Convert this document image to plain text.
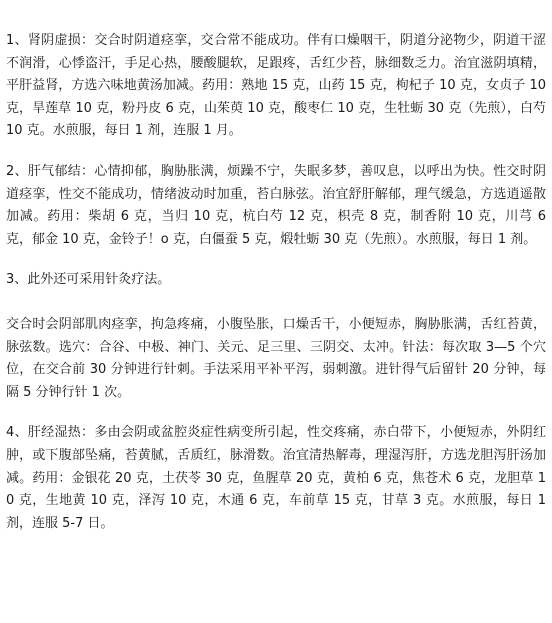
1、肾阴虚损：交合时阴道痉挛，交合常不能成功。伴有口燥咽干，阴道分泌物少，阴道干涩不润滑，心悸盗汗，手足心热，腰酸腿软，足跟疼，舌红少苔，脉细数乏力。治宜滋阴填精，平肝益肾，方选六味地黄汤加减。药用：熟地 15 克，山药 15 克，枸杞子 10 克，女贞子 10 克，旱莲草 10 克，粉丹皮 6 克，山茱萸 10 克，酸枣仁 10 克，生牡蛎 30 克（先煎），白芍 10 克。水煎服，每日 1 剂，连服 1 月。

2、肝气郁结：心情抑郁，胸胁胀满，烦躁不宁，失眠多梦，善叹息，以呼出为快。性交时阴道痉挛，性交不能成功，情绪波动时加重，苔白脉弦。治宜舒肝解郁，理气缓急，方选逍遥散加减。药用：柴胡 6 克，当归 10 克，杭白芍 12 克，枳壳 8 克，制香附 10 克，川芎 6 克，郁金 10 克，金铃子！o 克，白僵蚕 5 克，煅牡蛎 30 克（先煎）。水煎服，每日 1 剂。

3、此外还可采用针灸疗法。

交合时会阴部肌肉痉挛，拘急疼痛，小腹坠胀，口燥舌干，小便短赤，胸胁胀满，舌红苔黄，脉弦数。选穴：合谷、中极、神门、关元、足三里、三阴交、太冲。针法：每次取 3—5 个穴位，在交合前 30 分钟进行针刺。手法采用平补平泻，弱刺激。进针得气后留针 20 分钟，每隔 5 分钟行针 1 次。

4、肝经湿热：多由会阴或盆腔炎症性病变所引起，性交疼痛，赤白带下，小便短赤，外阴红肿，或下腹部坠痛，苔黄腻，舌质红，脉滑数。治宜清热解毒，理湿泻肝，方选龙胆泻肝汤加减。药用：金银花 20 克，土茯苓 30 克，鱼腥草 20 克，黄柏 6 克，焦苍术 6 克，龙胆草 10 克，生地黄 10 克，泽泻 10 克，木通 6 克，车前草 15 克，甘草 3 克。水煎服，每日 1 剂，连服 5-7 日。
